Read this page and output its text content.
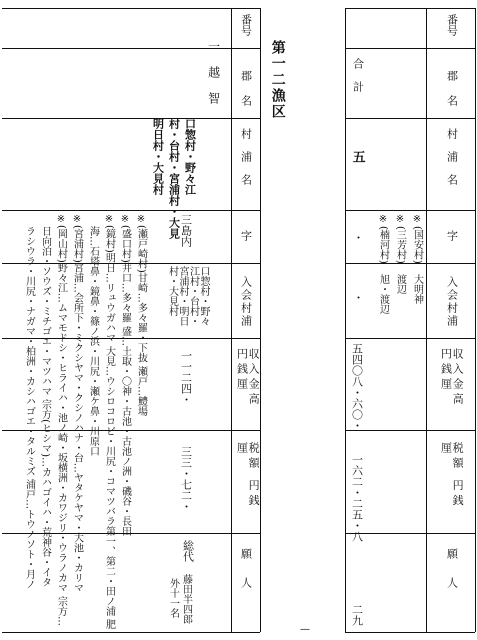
番号
郡名
村浦名
字
入会村浦
収入金高 円銭厘
税額 円銭厘
願人
合計
五
・
・
五四〇八・六〇・
一六二・二五・八
二九
※
(国安村)
大明神
※
(三芳村)
渡辺
※
(楠河村)
旭・渡辺
第一二漁区
番号
郡名
村浦名
字
入会村浦
収入金高 円銭厘
税額 円銭厘
願人
一越智
口惣村・野々江
村・台村・宮浦村・大見
明日村・大見村
三島内
口惣村・野々江村・台村・宮浦村・明日村・大見村
一一二四・
三三・七二・
総代
藤田半四郎
外十一名
※(瀬戸崎村)甘崎…多々羅・下抜 瀬戸…鱧場
※(盛口村)井口…多々羅 盛…土取・〇神・古池・古池ノ洲・磯谷・長田
※(鏡村)明日…リュウガハマ 大見…ウシロコロビ・川尻・コマツバラ第一、第二・田ノ浦 肥
海…石塔鼻・鏡鼻・篠ノ浜・川尻・瀬ケ鼻・川原口
※(宮浦村)宮浦…会所下・ミクシヤマ・クシノハナ・台…ヤタケヤマ・大池・カリマ
※(岡山村)野々江…ムマモドシ・ヒライハ・池ノ崎・坂横洲・カワジリ・ウラノカマ 宗方…
日向泊・ソウズ・ミチゴエ・マツハマ 宗方(ヒシマ)…カハゴイハ・荒神谷・イタ
ラシウラ・川尻・ナガマ・柏洲・カシハゴエ・タルミズ 浦戸…トウノソト・月ノ
—
